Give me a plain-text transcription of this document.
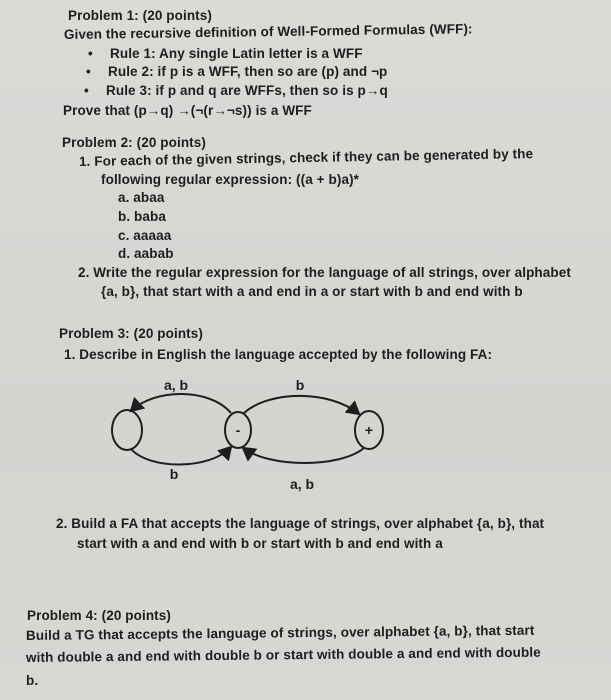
Problem 1: (20 points)
Given the recursive definition of Well-Formed Formulas (WFF):
• Rule 1: Any single Latin letter is a WFF
• Rule 2: if p is a WFF, then so are (p) and ¬p
• Rule 3: if p and q are WFFs, then so is p→q
Prove that (p→q) →(¬(r→¬s)) is a WFF
Problem 2: (20 points)
1. For each of the given strings, check if they can be generated by the
following regular expression: ((a + b)a)*
a. abaa
b. baba
c. aaaaa
d. aabab
2. Write the regular expression for the language of all strings, over alphabet
{a, b}, that start with a and end in a or start with b and end with b
Problem 3: (20 points)
1. Describe in English the language accepted by the following FA:
-	+
a, b	b
b
a, b
2. Build a FA that accepts the language of strings, over alphabet {a, b}, that
start with a and end with b or start with b and end with a
Problem 4: (20 points)
Build a TG that accepts the language of strings, over alphabet {a, b}, that start
with double a and end with double b or start with double a and end with double
b.
